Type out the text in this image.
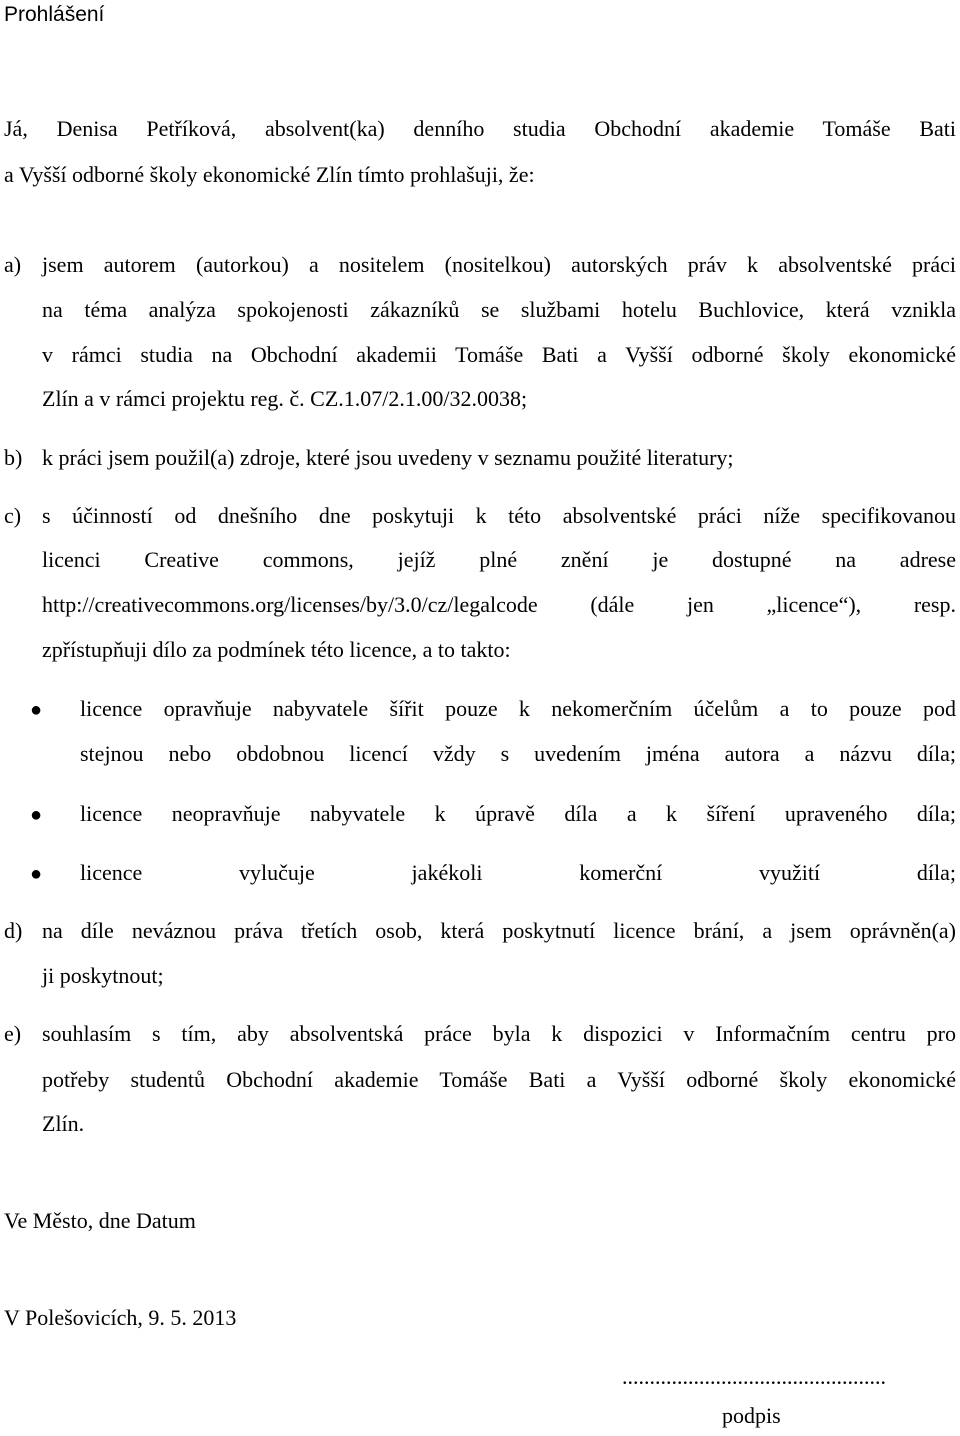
Prohlášení
Já, Denisa Petříková, absolvent(ka) denního studia Obchodní akademie Tomáše Bati
a Vyšší odborné školy ekonomické Zlín tímto prohlašuji, že:
a) jsem autorem (autorkou) a nositelem (nositelkou) autorských práv k absolventské práci
na téma analýza spokojenosti zákazníků se službami hotelu Buchlovice, která vznikla
v rámci studia na Obchodní akademii Tomáše Bati a Vyšší odborné školy ekonomické
Zlín a v rámci projektu reg. č. CZ.1.07/2.1.00/32.0038;
b) k práci jsem použil(a) zdroje, které jsou uvedeny v seznamu použité literatury;
c) s účinností od dnešního dne poskytuji k této absolventské práci níže specifikovanou
licenci Creative commons, jejíž plné znění je dostupné na adrese
http://creativecommons.org/licenses/by/3.0/cz/legalcode (dále jen „licence“), resp.
zpřístupňuji dílo za podmínek této licence, a to takto:
● licence opravňuje nabyvatele šířit pouze k nekomerčním účelům a to pouze pod
stejnou nebo obdobnou licencí vždy s uvedením jména autora a názvu díla;
● licence neopravňuje nabyvatele k úpravě díla a k šíření upraveného díla;
● licence vylučuje jakékoli komerční využití díla;
d) na díle neváznou práva třetích osob, která poskytnutí licence brání, a jsem oprávněn(a)
ji poskytnout;
e) souhlasím s tím, aby absolventská práce byla k dispozici v Informačním centru pro
potřeby studentů Obchodní akademie Tomáše Bati a Vyšší odborné školy ekonomické
Zlín.
Ve Město, dne Datum
V Polešovicích, 9. 5. 2013
................................................
podpis
